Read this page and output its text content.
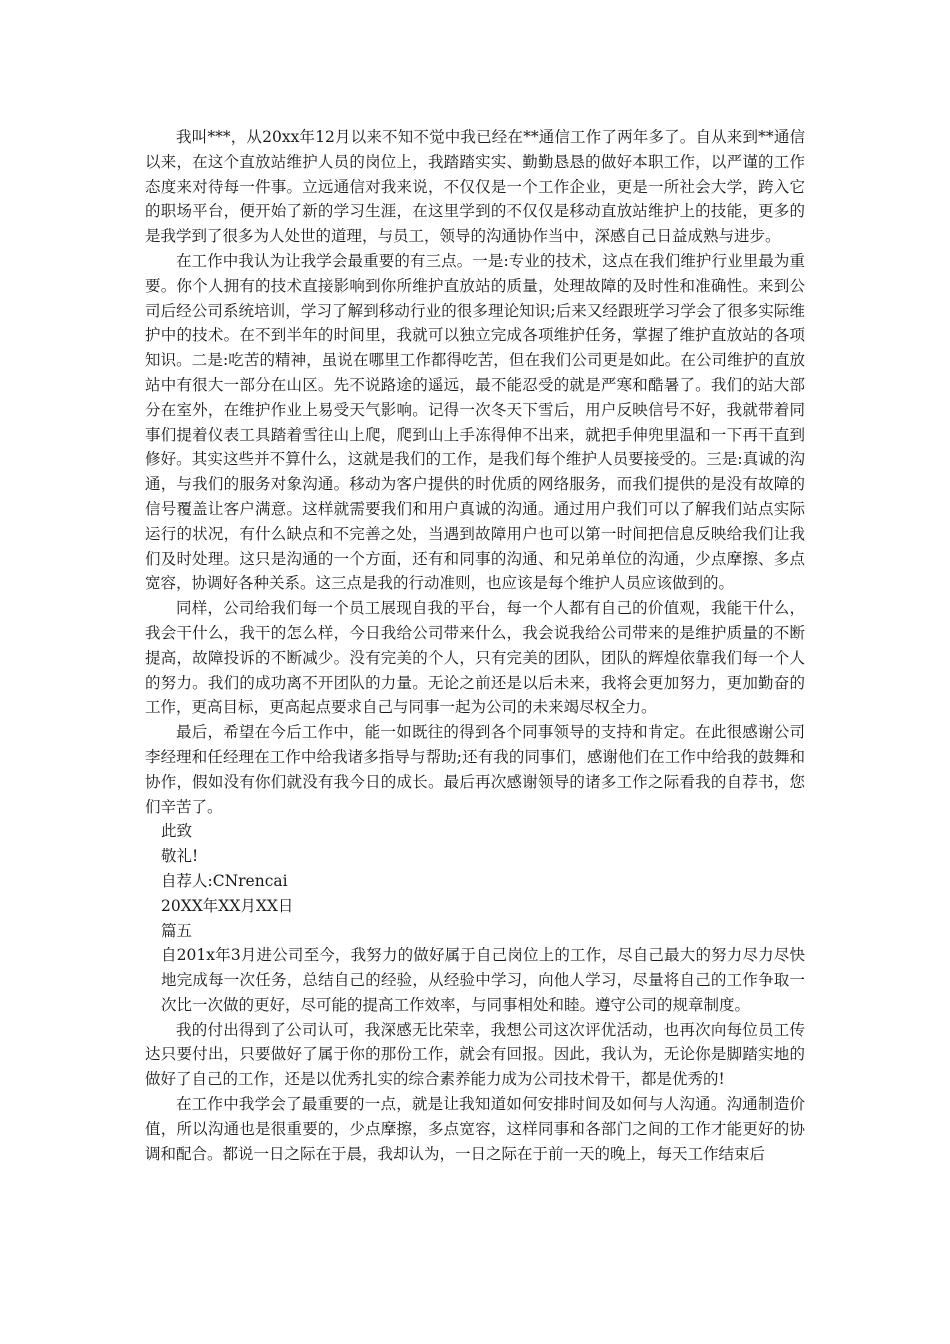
我叫***，从20xx年12月以来不知不觉中我已经在**通信工作了两年多了。自从来到**通信以来，在这个直放站维护人员的岗位上，我踏踏实实、勤勤恳恳的做好本职工作，以严谨的工作态度来对待每一件事。立远通信对我来说，不仅仅是一个工作企业，更是一所社会大学，跨入它的职场平台，便开始了新的学习生涯，在这里学到的不仅仅是移动直放站维护上的技能，更多的是我学到了很多为人处世的道理，与员工，领导的沟通协作当中，深感自己日益成熟与进步。

在工作中我认为让我学会最重要的有三点。一是:专业的技术，这点在我们维护行业里最为重要。你个人拥有的技术直接影响到你所维护直放站的质量，处理故障的及时性和准确性。来到公司后经公司系统培训，学习了解到移动行业的很多理论知识;后来又经跟班学习学会了很多实际维护中的技术。在不到半年的时间里，我就可以独立完成各项维护任务，掌握了维护直放站的各项知识。二是:吃苦的精神，虽说在哪里工作都得吃苦，但在我们公司更是如此。在公司维护的直放站中有很大一部分在山区。先不说路途的遥远，最不能忍受的就是严寒和酷暑了。我们的站大部分在室外，在维护作业上易受天气影响。记得一次冬天下雪后，用户反映信号不好，我就带着同事们提着仪表工具踏着雪往山上爬，爬到山上手冻得伸不出来，就把手伸兜里温和一下再干直到修好。其实这些并不算什么，这就是我们的工作，是我们每个维护人员要接受的。三是:真诚的沟通，与我们的服务对象沟通。移动为客户提供的时优质的网络服务，而我们提供的是没有故障的信号覆盖让客户满意。这样就需要我们和用户真诚的沟通。通过用户我们可以了解我们站点实际运行的状况，有什么缺点和不完善之处，当遇到故障用户也可以第一时间把信息反映给我们让我们及时处理。这只是沟通的一个方面，还有和同事的沟通、和兄弟单位的沟通，少点摩擦、多点宽容，协调好各种关系。这三点是我的行动准则，也应该是每个维护人员应该做到的。

同样，公司给我们每一个员工展现自我的平台，每一个人都有自己的价值观，我能干什么，我会干什么，我干的怎么样，今日我给公司带来什么，我会说我给公司带来的是维护质量的不断提高，故障投诉的不断减少。没有完美的个人，只有完美的团队，团队的辉煌依靠我们每一个人的努力。我们的成功离不开团队的力量。无论之前还是以后未来，我将会更加努力，更加勤奋的工作，更高目标，更高起点要求自己与同事一起为公司的未来竭尽权全力。

最后，希望在今后工作中，能一如既往的得到各个同事领导的支持和肯定。在此很感谢公司李经理和任经理在工作中给我诸多指导与帮助;还有我的同事们，感谢他们在工作中给我的鼓舞和协作，假如没有你们就没有我今日的成长。最后再次感谢领导的诸多工作之际看我的自荐书，您们辛苦了。

此致

敬礼!

自荐人:CNrencai

20XX年XX月XX日

篇五

自201x年3月进公司至今，我努力的做好属于自己岗位上的工作，尽自己最大的努力尽力尽快地完成每一次任务，总结自己的经验，从经验中学习，向他人学习，尽量将自己的工作争取一次比一次做的更好，尽可能的提高工作效率，与同事相处和睦。遵守公司的规章制度。

我的付出得到了公司认可，我深感无比荣幸，我想公司这次评优活动，也再次向每位员工传达只要付出，只要做好了属于你的那份工作，就会有回报。因此，我认为，无论你是脚踏实地的做好了自己的工作，还是以优秀扎实的综合素养能力成为公司技术骨干，都是优秀的!

在工作中我学会了最重要的一点，就是让我知道如何安排时间及如何与人沟通。沟通制造价值，所以沟通也是很重要的，少点摩擦，多点宽容，这样同事和各部门之间的工作才能更好的协调和配合。都说一日之际在于晨，我却认为，一日之际在于前一天的晚上，每天工作结束后
